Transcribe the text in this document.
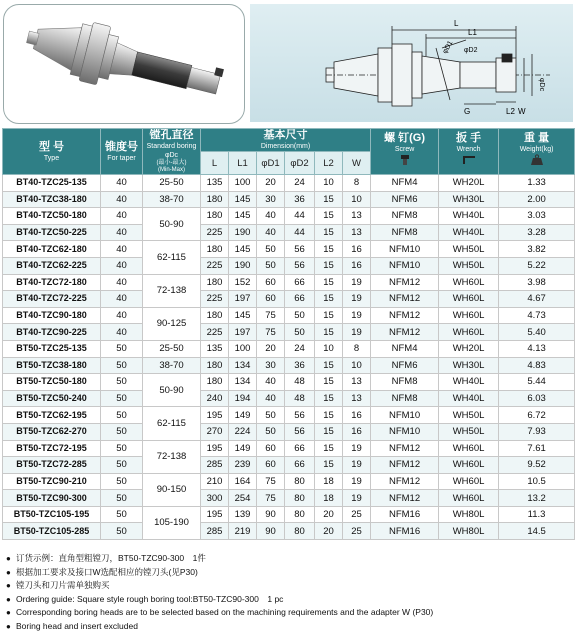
L
L1
φD1 φD2
φDc
G	L2 W
型 号
Type	锥度号
For taper	镗孔直径
Standard boring
φDc
(最小-最大)
(Min-Max)	基本尺寸
Dimension(mm)						螺 钉(G)
Screw	扳 手
Wrench	重 量
Weight(kg)

			L	L1	φD1	φD2	L2	W			
BT40-TZC25-135	40	25-50	135	100	20	24	10	8	NFM4	WH20L	1.33
BT40-TZC38-180	40	38-70	180	145	30	36	15	10	NFM6	WH30L	2.00
BT40-TZC50-180	40	50-90	180	145	40	44	15	13	NFM8	WH40L	3.03
BT40-TZC50-225	40		225	190	40	44	15	13	NFM8	WH40L	3.28
BT40-TZC62-180	40	62-115	180	145	50	56	15	16	NFM10	WH50L	3.82
BT40-TZC62-225	40		225	190	50	56	15	16	NFM10	WH50L	5.22
BT40-TZC72-180	40	72-138	180	152	60	66	15	19	NFM12	WH60L	3.98
BT40-TZC72-225	40		225	197	60	66	15	19	NFM12	WH60L	4.67
BT40-TZC90-180	40	90-125	180	145	75	50	15	19	NFM12	WH60L	4.73
BT40-TZC90-225	40		225	197	75	50	15	19	NFM12	WH60L	5.40
BT50-TZC25-135	50	25-50	135	100	20	24	10	8	NFM4	WH20L	4.13
BT50-TZC38-180	50	38-70	180	134	30	36	15	10	NFM6	WH30L	4.83
BT50-TZC50-180	50	50-90	180	134	40	48	15	13	NFM8	WH40L	5.44
BT50-TZC50-240	50		240	194	40	48	15	13	NFM8	WH40L	6.03
BT50-TZC62-195	50	62-115	195	149	50	56	15	16	NFM10	WH50L	6.72
BT50-TZC62-270	50		270	224	50	56	15	16	NFM10	WH50L	7.93
BT50-TZC72-195	50	72-138	195	149	60	66	15	19	NFM12	WH60L	7.61
BT50-TZC72-285	50		285	239	60	66	15	19	NFM12	WH60L	9.52
BT50-TZC90-210	50	90-150	210	164	75	80	18	19	NFM12	WH60L	10.5
BT50-TZC90-300	50		300	254	75	80	18	19	NFM12	WH60L	13.2
BT50-TZC105-195	50	105-190	195	139	90	80	20	25	NFM16	WH80L	11.3
BT50-TZC105-285	50		285	219	90	80	20	25	NFM16	WH80L	14.5
● 订货示例：直角型粗镗刀，BT50-TZC90-300　1件
● 根据加工要求及接口W选配相应的镗刀头(见P30)
● 镗刀头和刀片需单独购买
● Ordering guide: Square style rough boring tool:BT50-TZC90-300　1 pc
● Corresponding boring heads are to be selected based on the machining requirements and the adapter W (P30)
● Boring head and insert excluded
